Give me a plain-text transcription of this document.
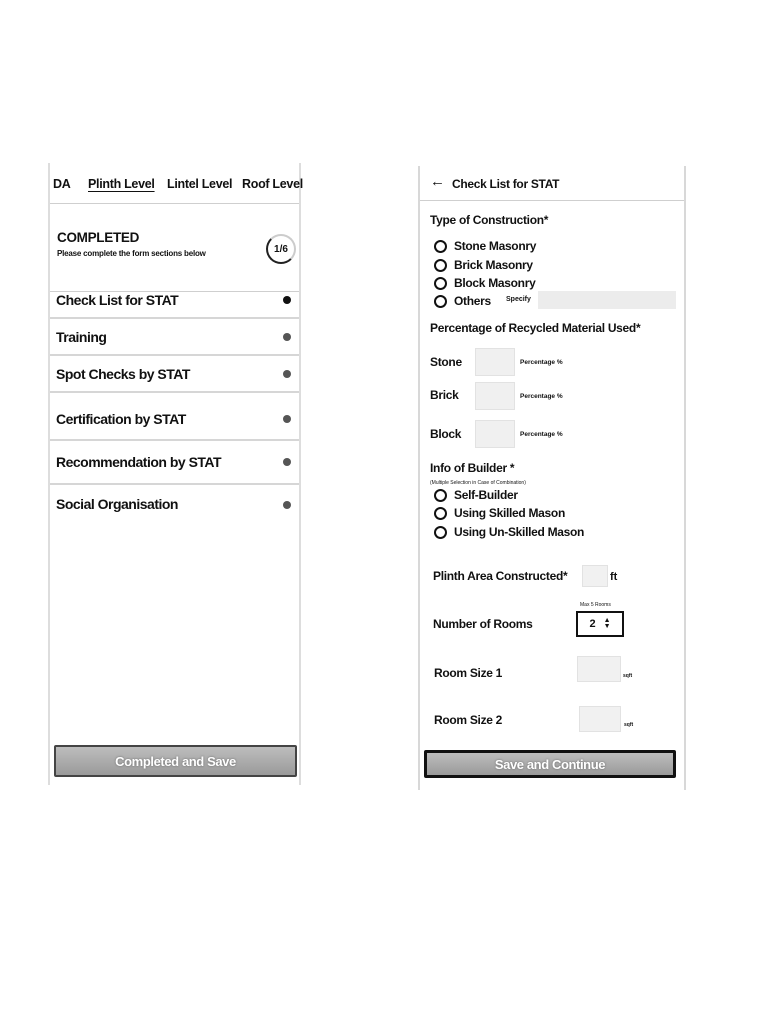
DA Plinth Level Lintel Level Roof Level
COMPLETED
Please complete the form sections below	1/6
Check List for STAT
Training
Spot Checks by STAT
Certification by STAT
Recommendation by STAT
Social Organisation
Completed and Save
← Check List for STAT
Type of Construction*
Stone Masonry
Brick Masonry
Block Masonry
Others Specify
Percentage of Recycled Material Used*
Stone	Percentage %
Brick	Percentage %
Block	Percentage %
Info of Builder *
(Multiple Selection in Case of Combination)
Self-Builder
Using Skilled Mason
Using Un-Skilled Mason
Plinth Area Constructed*	ft
Max 5 Rooms
Number of Rooms	2 ▲
▼
Room Size 1	sqft
Room Size 2	sqft
Save and Continue
